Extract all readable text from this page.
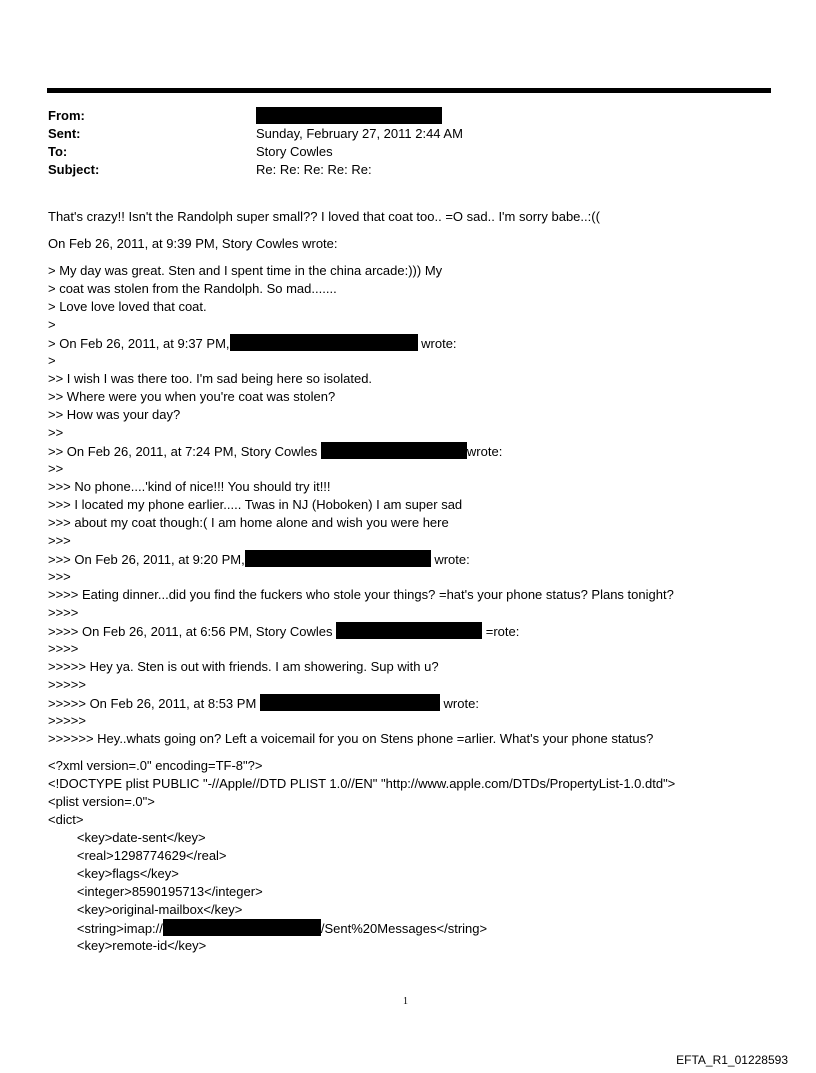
From:
Sent:	Sunday, February 27, 2011 2:44 AM
To:	Story Cowles
Subject:	Re: Re: Re: Re: Re:
That's crazy!! Isn't the Randolph super small?? I loved that coat too.. =O sad.. I'm sorry babe..:((
On Feb 26, 2011, at 9:39 PM, Story Cowles wrote:
> My day was great. Sten and I spent time in the china arcade:))) My
> coat was stolen from the Randolph. So mad.......
> Love love loved that coat.
>
> On Feb 26, 2011, at 9:37 PM,	wrote:
>
>> I wish I was there too. I'm sad being here so isolated.
>> Where were you when you're coat was stolen?
>> How was your day?
>>
>> On Feb 26, 2011, at 7:24 PM, Story Cowles	wrote:
>>
>>> No phone....'kind of nice!!! You should try it!!!
>>> I located my phone earlier..... Twas in NJ (Hoboken) I am super sad
>>> about my coat though:( I am home alone and wish you were here
>>>
>>> On Feb 26, 2011, at 9:20 PM,	wrote:
>>>
>>>> Eating dinner...did you find the fuckers who stole your things? =hat's your phone status? Plans tonight?
>>>>
>>>> On Feb 26, 2011, at 6:56 PM, Story Cowles	=rote:
>>>>
>>>>> Hey ya. Sten is out with friends. I am showering. Sup with u?
>>>>>
>>>>> On Feb 26, 2011, at 8:53 PM	wrote:
>>>>>
>>>>>> Hey..whats going on? Left a voicemail for you on Stens phone =arlier. What's your phone status?
<?xml version=.0" encoding=TF-8"?>
<!DOCTYPE plist PUBLIC "-//Apple//DTD PLIST 1.0//EN" "http://www.apple.com/DTDs/PropertyList-1.0.dtd">
<plist version=.0">
<dict>
<key>date-sent</key>
<real>1298774629</real>
<key>flags</key>
<integer>8590195713</integer>
<key>original-mailbox</key>
<string>imap://	/Sent%20Messages</string>
<key>remote-id</key>
1
EFTA_R1_01228593
